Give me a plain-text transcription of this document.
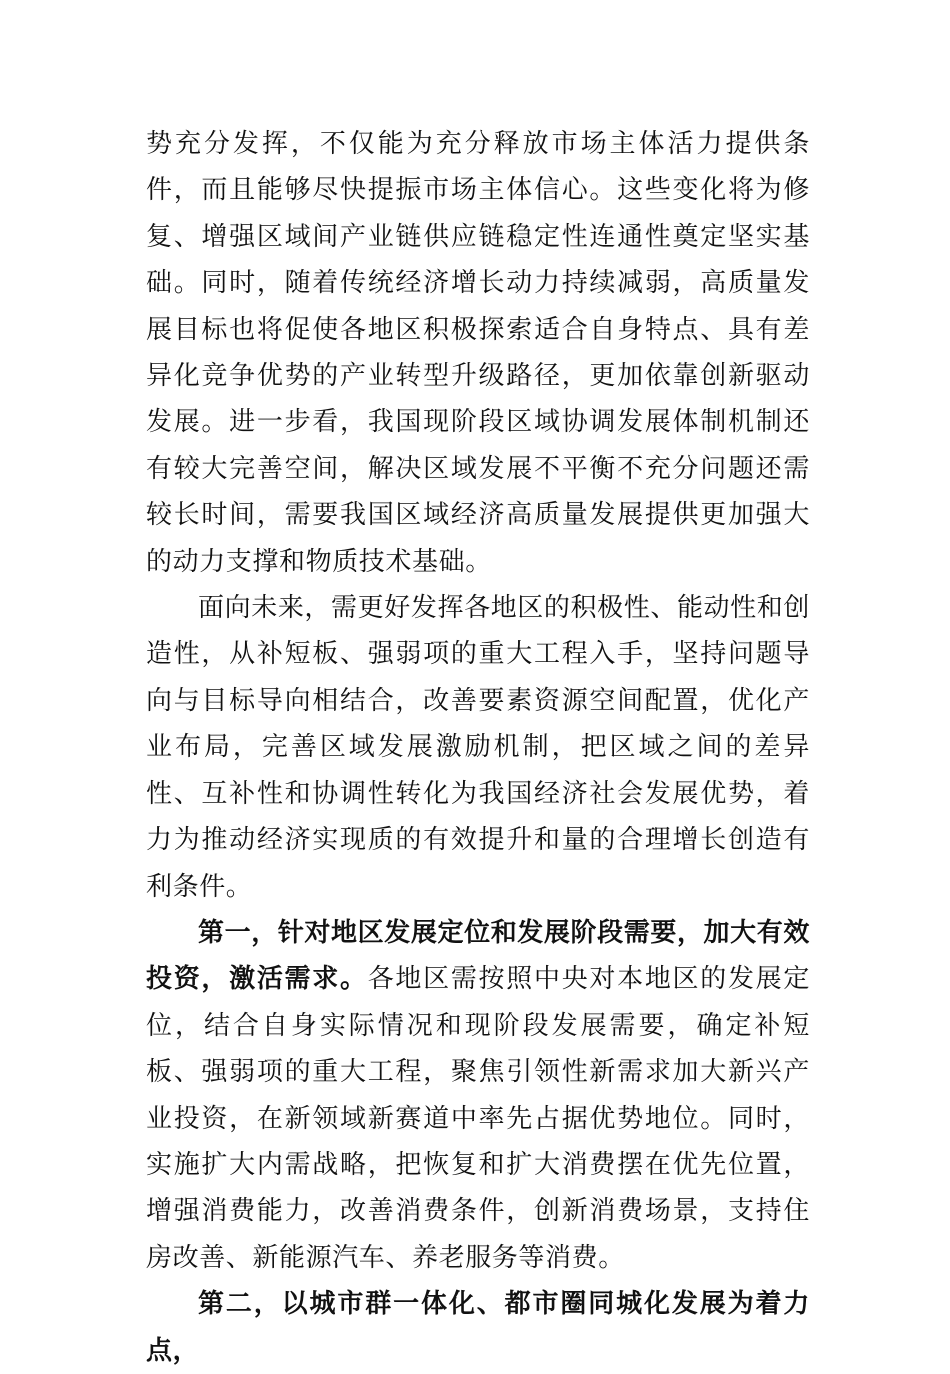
势充分发挥，不仅能为充分释放市场主体活力提供条件，而且能够尽快提振市场主体信心。这些变化将为修复、增强区域间产业链供应链稳定性连通性奠定坚实基础。同时，随着传统经济增长动力持续减弱，高质量发展目标也将促使各地区积极探索适合自身特点、具有差异化竞争优势的产业转型升级路径，更加依靠创新驱动发展。进一步看，我国现阶段区域协调发展体制机制还有较大完善空间，解决区域发展不平衡不充分问题还需较长时间，需要我国区域经济高质量发展提供更加强大的动力支撑和物质技术基础。

面向未来，需更好发挥各地区的积极性、能动性和创造性，从补短板、强弱项的重大工程入手，坚持问题导向与目标导向相结合，改善要素资源空间配置，优化产业布局，完善区域发展激励机制，把区域之间的差异性、互补性和协调性转化为我国经济社会发展优势，着力为推动经济实现质的有效提升和量的合理增长创造有利条件。

第一，针对地区发展定位和发展阶段需要，加大有效投资，激活需求。各地区需按照中央对本地区的发展定位，结合自身实际情况和现阶段发展需要，确定补短板、强弱项的重大工程，聚焦引领性新需求加大新兴产业投资，在新领域新赛道中率先占据优势地位。同时，实施扩大内需战略，把恢复和扩大消费摆在优先位置，增强消费能力，改善消费条件，创新消费场景，支持住房改善、新能源汽车、养老服务等消费。

第二，以城市群一体化、都市圈同城化发展为着力点，
